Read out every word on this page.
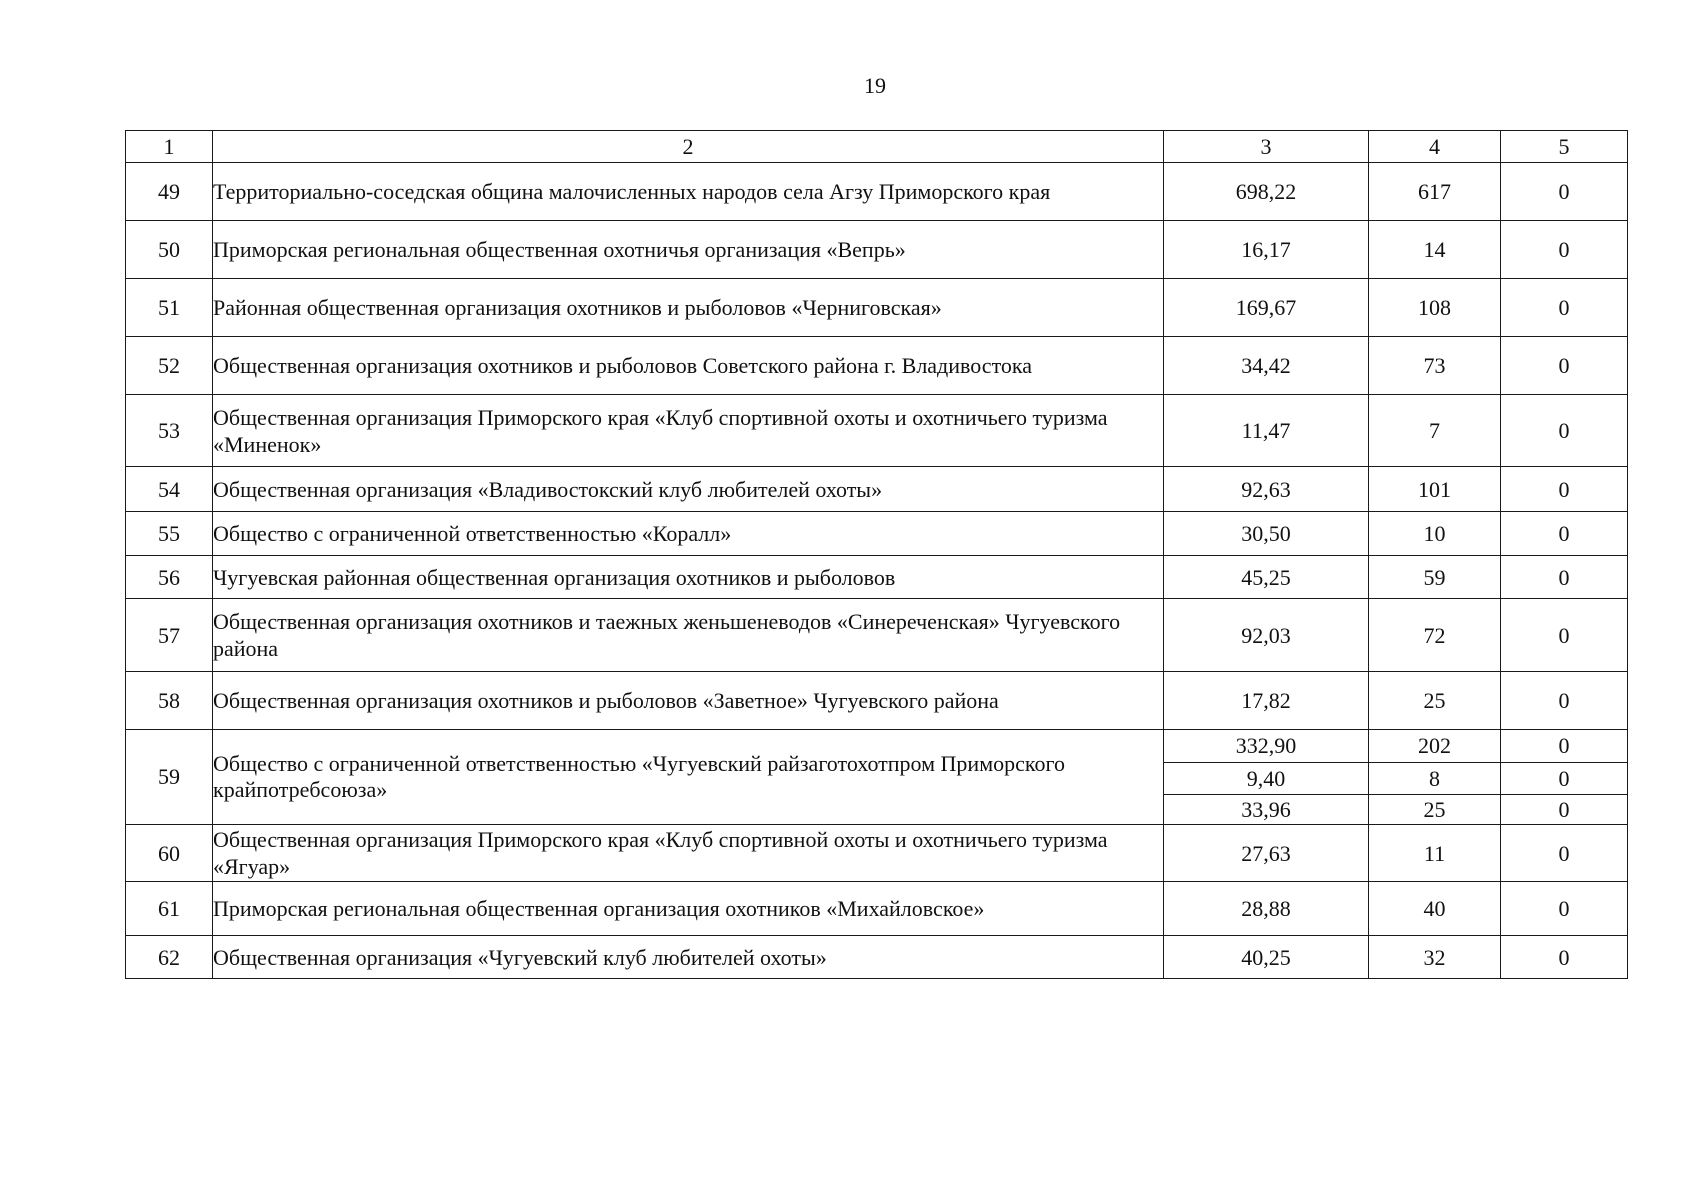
19
1	2	3	4	5
49	Территориально-соседская община малочисленных народов села Агзу Приморского края	698,22	617	0
50	Приморская региональная общественная охотничья организация «Вепрь»	16,17	14	0
51	Районная общественная организация охотников и рыболовов «Черниговская»	169,67	108	0
52	Общественная организация охотников и рыболовов Советского района г. Владивостока	34,42	73	0
53	Общественная организация Приморского края «Клуб спортивной охоты и охотничьего туризма «Миненок»	11,47	7	0
54	Общественная организация «Владивостокский клуб любителей охоты»	92,63	101	0
55	Общество с ограниченной ответственностью «Коралл»	30,50	10	0
56	Чугуевская районная общественная организация охотников и рыболовов	45,25	59	0
57	Общественная организация охотников и таежных женьшеневодов «Синереченская» Чугуевского района	92,03	72	0
58	Общественная организация охотников и рыболовов «Заветное» Чугуевского района	17,82	25	0
59	Общество с ограниченной ответственностью «Чугуевский райзаготохотпром Приморского крайпотребсоюза»	332,90	202	0
		9,40	8	0
		33,96	25	0
60	Общественная организация Приморского края «Клуб спортивной охоты и охотничьего туризма «Ягуар»	27,63	11	0
61	Приморская региональная общественная организация охотников «Михайловское»	28,88	40	0
62	Общественная организация «Чугуевский клуб любителей охоты»	40,25	32	0
